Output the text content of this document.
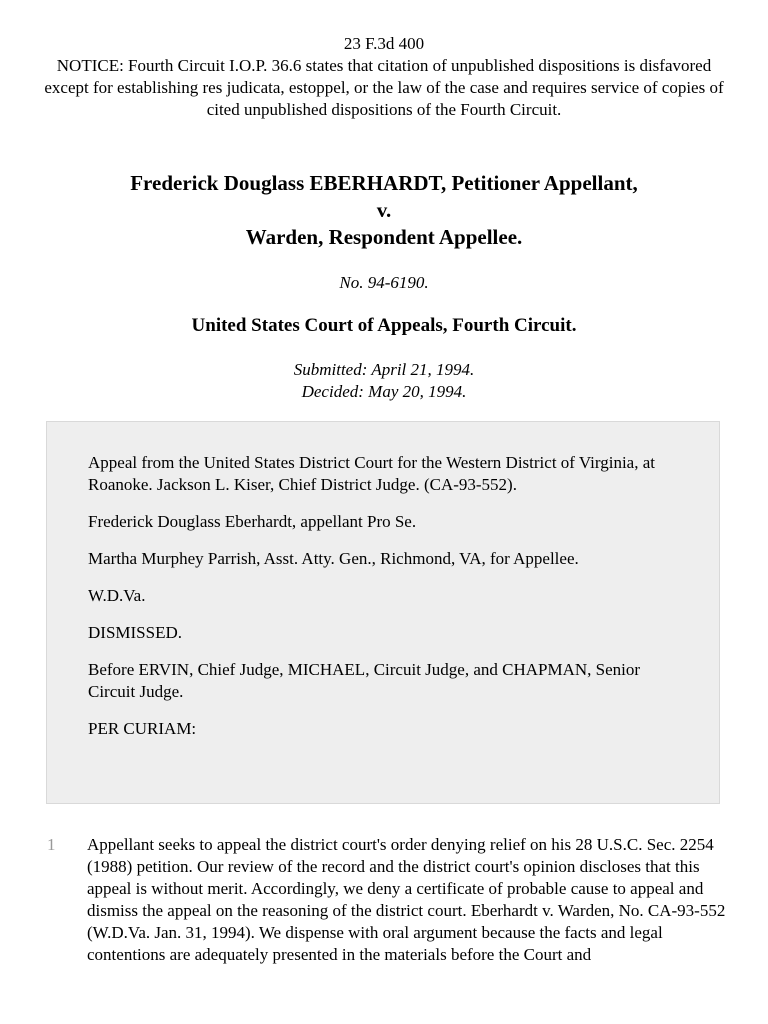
23 F.3d 400
NOTICE: Fourth Circuit I.O.P. 36.6 states that citation of unpublished dispositions is disfavored except for establishing res judicata, estoppel, or the law of the case and requires service of copies of cited unpublished dispositions of the Fourth Circuit.
Frederick Douglass EBERHARDT, Petitioner Appellant,
v.
Warden, Respondent Appellee.
No. 94-6190.
United States Court of Appeals, Fourth Circuit.
Submitted: April 21, 1994.
Decided: May 20, 1994.

Appeal from the United States District Court for the Western District of Virginia, at Roanoke. Jackson L. Kiser, Chief District Judge. (CA-93-552).

Frederick Douglass Eberhardt, appellant Pro Se.

Martha Murphey Parrish, Asst. Atty. Gen., Richmond, VA, for Appellee.

W.D.Va.

DISMISSED.

Before ERVIN, Chief Judge, MICHAEL, Circuit Judge, and CHAPMAN, Senior Circuit Judge.

PER CURIAM:

1 Appellant seeks to appeal the district court's order denying relief on his 28 U.S.C. Sec. 2254 (1988) petition. Our review of the record and the district court's opinion discloses that this appeal is without merit. Accordingly, we deny a certificate of probable cause to appeal and dismiss the appeal on the reasoning of the district court. Eberhardt v. Warden, No. CA-93-552 (W.D.Va. Jan. 31, 1994). We dispense with oral argument because the facts and legal contentions are adequately presented in the materials before the Court and
